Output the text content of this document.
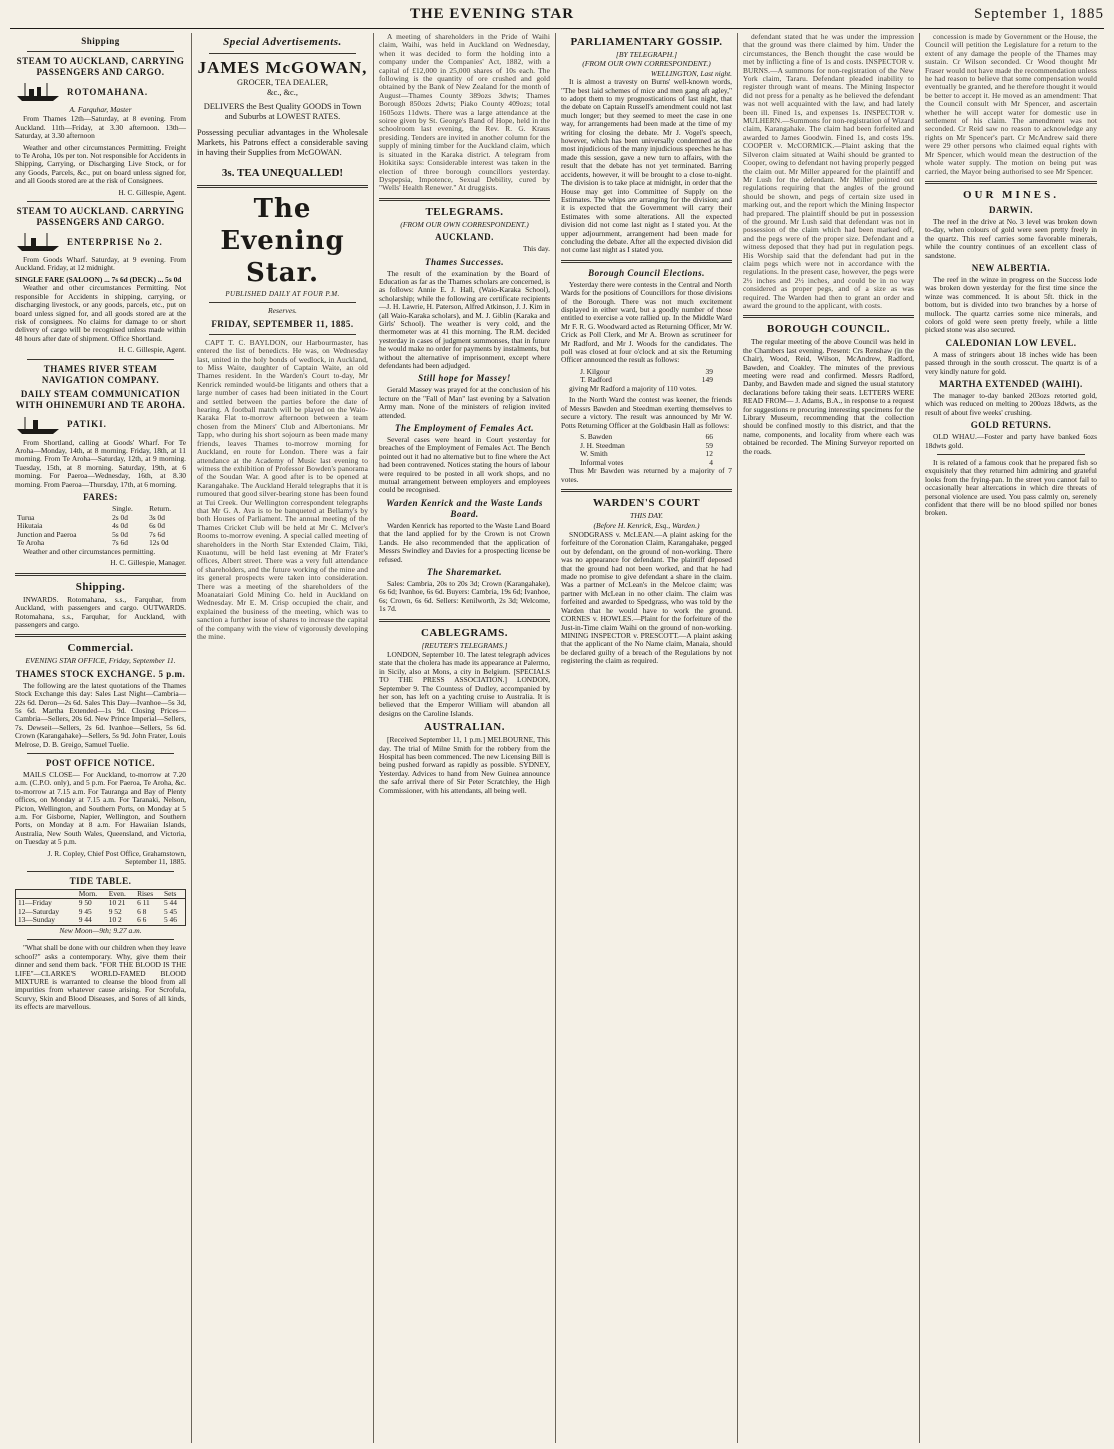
THE EVENING STAR	September 1, 1885
Shipping
STEAM TO AUCKLAND, CARRYING PASSENGERS AND CARGO.
ROTOMAHANA.
A. Farquhar, Master

From Thames 12th—Saturday, at 8 evening. From Auckland. 11th—Friday, at 3.30 afternoon. 13th—Saturday, at 3.30 afternoon

Weather and other circumstances Permitting. Freight to Te Aroha, 10s per ton. Not responsible for Accidents in Shipping, Carrying, or Discharging Live Stock, or for any Goods, Parcels, &c., put on board unless signed for, and all Goods stored are at the risk of Consignees.

H. C. Gillespie, Agent.
STEAM TO AUCKLAND. CARRYING PASSENGERS AND CARGO.
ENTERPRISE No 2.

From Goods Wharf. Saturday, at 9 evening. From Auckland. Friday, at 12 midnight.

SINGLE FARE (SALOON) ... 7s 6d (DECK) ... 5s 0d

Weather and other circumstances Permitting. Not responsible for Accidents in shipping, carrying, or discharging livestock, or any goods, parcels, etc., put on board unless signed for, and all goods stored are at the risk of consignees. No claims for damage to or short delivery of cargo will be recognised unless made within 48 hours after date of shipment. Office Shortland.

H. C. Gillespie, Agent.
THAMES RIVER STEAM NAVIGATION COMPANY.
DAILY STEAM COMMUNICATION WITH OHINEMURI AND TE AROHA.
PATIKI.

From Shortland, calling at Goods' Wharf. For Te Aroha—Monday, 14th, at 8 morning. Friday, 18th, at 11 morning. From Te Aroha—Saturday, 12th, at 9 morning. Tuesday, 15th, at 8 morning. Saturday, 19th, at 6 morning. For Paeroa—Wednesday, 16th, at 8.30 morning. From Paeroa—Thursday, 17th, at 6 morning.

FARES:
	Single.	Return.
Turua	2s 0d	3s 0d
Hikutaia	4s 0d	6s 0d
Junction and Paeroa	5s 0d	7s 6d
Te Aroha	7s 6d	12s 0d

Weather and other circumstances permitting.

H. C. Gillespie, Manager.
Shipping.

INWARDS. Rotomahana, s.s., Farquhar, from Auckland, with passengers and cargo. OUTWARDS. Rotomahana, s.s., Farquhar, for Auckland, with passengers and cargo.

Commercial.
EVENING STAR OFFICE, Friday, September 11.
THAMES STOCK EXCHANGE. 5 p.m.

The following are the latest quotations of the Thames Stock Exchange this day: Sales Last Night—Cambria—22s 6d. Deron—2s 6d. Sales This Day—Ivanhoe—5s 3d, 5s 6d. Martha Extended—1s 9d. Closing Prices—Cambria—Sellers, 20s 6d. New Prince Imperial—Sellers, 7s. Dewseit—Sellers, 2s 6d. Ivanhoe—Sellers, 5s 6d. Crown (Karangahake)—Sellers, 5s 9d. John Frater, Louis Melrose, D. B. Greigo, Samuel Tuelie.

POST OFFICE NOTICE.

MAILS CLOSE— For Auckland, to-morrow at 7.20 a.m. (C.P.O. only), and 5 p.m. For Paeroa, Te Aroha, &c. to-morrow at 7.15 a.m. For Tauranga and Bay of Plenty offices, on Monday at 7.15 a.m. For Taranaki, Nelson, Picton, Wellington, and Southern Ports, on Monday at 5 a.m. For Gisborne, Napier, Wellington, and Southern Ports, on Monday at 8 a.m. For Hawaiian Islands, Australia, New South Wales, Queensland, and Victoria, on Tuesday at 5 p.m.

J. R. Copley, Chief Post Office, Grahamstown, September 11, 1885.
TIDE TABLE.
	Morn.	Even.	Rises	Sets
11—Friday	9 50	10 21	6 11	5 44
12—Saturday	9 45	9 52	6 8	5 45
13—Sunday	9 44	10 2	6 6	5 46
New Moon—9th; 9.27 a.m.

"What shall be done with our children when they leave school?" asks a contemporary. Why, give them their dinner and send them back. "FOR THE BLOOD IS THE LIFE"—CLARKE'S WORLD-FAMED BLOOD MIXTURE is warranted to cleanse the blood from all impurities from whatever cause arising. For Scrofula, Scurvy, Skin and Blood Diseases, and Sores of all kinds, its effects are marvellous.

Special Advertisements.
JAMES McGOWAN,
GROCER, TEA DEALER,
&c., &c.,
DELIVERS the Best Quality GOODS in Town and Suburbs at LOWEST RATES.
Possessing peculiar advantages in the Wholesale Markets, his Patrons effect a considerable saving in having their Supplies from McGOWAN.
3s. TEA UNEQUALLED!
The Evening Star.
PUBLISHED DAILY AT FOUR P.M.
Reserves.
FRIDAY, SEPTEMBER 11, 1885.

CAPT T. C. BAYLDON, our Harbourmaster, has entered the list of benedicts. He was, on Wednesday last, united in the holy bonds of wedlock, in Auckland, to Miss Waite, daughter of Captain Waite, an old Thames resident. In the Warden's Court to-day, Mr Kenrick reminded would-be litigants and others that a large number of cases had been initiated in the Court and settled between the parties before the date of hearing. A football match will be played on the Waio-Karaka Flat to-morrow afternoon between a team chosen from the Miners' Club and Albertonians. Mr Tapp, who during his short sojourn as been made many friends, leaves Thames to-morrow morning for Auckland, en route for London. There was a fair attendance at the Academy of Music last evening to witness the exhibition of Professor Bowden's panorama of the Soudan War. A good after is to be opened at Karangahake. The Auckland Herald telegraphs that it is rumoured that good silver-bearing stone has been found at Tui Creek. Our Wellington correspondent telegraphs that Mr G. A. Ava is to be banqueted at Bellamy's by both Houses of Parliament. The annual meeting of the Thames Cricket Club will be held at Mr C. McIver's Rooms to-morrow evening. A special called meeting of shareholders in the North Star Extended Claim, Tiki, Kuaotunu, will be held last evening at Mr Frater's offices, Albert street. There was a very full attendance of shareholders, and the future working of the mine and its general prospects were taken into consideration. There was a meeting of the shareholders of the Moanataiari Gold Mining Co. held in Auckland on Wednesday. Mr E. M. Crisp occupied the chair, and explained the business of the meeting, which was to sanction a further issue of shares to increase the capital of the company with the view of vigorously developing the mine.

A meeting of shareholders in the Pride of Waihi claim, Waihi, was held in Auckland on Wednesday, when it was decided to form the holding into a company under the Companies' Act, 1882, with a capital of £12,000 in 25,000 shares of 10s each. The following is the quantity of ore crushed and gold obtained by the Bank of New Zealand for the month of August—Thames County 389ozs 3dwts; Thames Borough 850ozs 2dwts; Piako County 409ozs; total 1605ozs 11dwts. There was a large attendance at the soiree given by St. George's Band of Hope, held in the schoolroom last evening, the Rev. R. G. Kraus presiding. Tenders are invited in another column for the supply of mining timber for the Auckland claim, which is situated in the Karaka district. A telegram from Hokitika says: Considerable interest was taken in the election of three borough councillors yesterday. Dyspepsia, Impotence, Sexual Debility, cured by "Wells' Health Renewer." At druggists.

TELEGRAMS.
(FROM OUR OWN CORRESPONDENT.)
AUCKLAND.
This day.
Thames Successes.

The result of the examination by the Board of Education as far as the Thames scholars are concerned, is as follows: Annie E. J. Hall, (Waio-Karaka School), scholarship; while the following are certificate recipients—J. H. Lawrie, H. Paterson, Alfred Atkinson, J. J. Kim in (all Waio-Karaka scholars), and M. J. Giblin (Karaka and Girls' School). The weather is very cold, and the thermometer was at 41 this morning. The R.M. decided yesterday in cases of judgment summonses, that in future he would make no order for payments by instalments, but without the alternative of imprisonment, except where defendants had been adjudged.

Still hope for Massey!

Gerald Massey was prayed for at the conclusion of his lecture on the "Fall of Man" last evening by a Salvation Army man. None of the ministers of religion invited attended.

The Employment of Females Act.

Several cases were heard in Court yesterday for breaches of the Employment of Females Act. The Bench pointed out it had no alternative but to fine where the Act had been contravened. Notices stating the hours of labour were required to be posted in all work shops, and no mutual arrangement between employers and employees could be recognised.

Warden Kenrick and the Waste Lands Board.

Warden Kenrick has reported to the Waste Land Board that the land applied for by the Crown is not Crown Lands. He also recommended that the application of Messrs Swindley and Davies for a prospecting license be refused.

The Sharemarket.

Sales: Cambria, 20s to 20s 3d; Crown (Karangahake), 6s 6d; Ivanhoe, 6s 6d. Buyers: Cambria, 19s 6d; Ivanhoe, 6s; Crown, 6s 6d. Sellers: Kenilworth, 2s 3d; Welcome, 1s 7d.

CABLEGRAMS.
[REUTER'S TELEGRAMS.]

LONDON, September 10. The latest telegraph advices state that the cholera has made its appearance at Palermo, in Sicily, also at Mons, a city in Belgium. [SPECIALS TO THE PRESS ASSOCIATION.] LONDON, September 9. The Countess of Dudley, accompanied by her son, has left on a yachting cruise to Australia. It is believed that the Emperor William will abandon all designs on the Caroline Islands.

AUSTRALIAN.

[Received September 11, 1 p.m.] MELBOURNE, This day. The trial of Milne Smith for the robbery from the Hospital has been commenced. The new Licensing Bill is being pushed forward as rapidly as possible. SYDNEY, Yesterday. Advices to hand from New Guinea announce the safe arrival there of Sir Peter Scratchley, the High Commissioner, with his attendants, all being well.

PARLIAMENTARY GOSSIP.
[BY TELEGRAPH.]
(FROM OUR OWN CORRESPONDENT.)
WELLINGTON, Last night.

It is almost a travesty on Burns' well-known words, "The best laid schemes of mice and men gang aft agley," to adopt them to my prognostications of last night, that the debate on Captain Russell's amendment could not last much longer; but they seemed to meet the case in one way, for arrangements had been made at the time of my writing for closing the debate. Mr J. Vogel's speech, however, which has been universally condemned as the most injudicious of the many injudicious speeches he has made this session, gave a new turn to affairs, with the result that the debate has not yet terminated. Barring accidents, however, it will be brought to a close to-night. The division is to take place at midnight, in order that the House may get into Committee of Supply on the Estimates. The whips are arranging for the division; and it is expected that the Government will carry their Estimates with some alterations. All the expected division did not come last night as I stated you. At the upper adjournment, arrangement had been made for concluding the debate. After all the expected division did not come last night as I stated you.

Borough Council Elections.

Yesterday there were contests in the Central and North Wards for the positions of Councillors for those divisions of the Borough. There was not much excitement displayed in either ward, but a goodly number of those entitled to exercise a vote rallied up. In the Middle Ward Mr F. R. G. Woodward acted as Returning Officer, Mr W. Crick as Poll Clerk, and Mr A. Brown as scrutineer for Mr Radford, and Mr J. Woods for the candidates. The poll was closed at four o'clock and at six the Returning Officer announced the result as follows:

J. Kilgour	39
T. Radford	149

giving Mr Radford a majority of 110 votes.

In the North Ward the contest was keener, the friends of Messrs Bawden and Steedman exerting themselves to secure a victory. The result was announced by Mr W. Potts Returning Officer at the Goldbasin Hall as follows:

S. Bawden	66
J. H. Steedman	59
W. Smith	12
Informal votes	4

Thus Mr Bawden was returned by a majority of 7 votes.

WARDEN'S COURT
THIS DAY.
(Before H. Kenrick, Esq., Warden.)

SNODGRASS v. McLEAN.—A plaint asking for the forfeiture of the Coronation Claim, Karangahake, pegged out by defendant, on the ground of non-working. There was no appearance for defendant. The plaintiff deposed that the ground had not been worked, and that he had made no promise to give defendant a share in the claim. Was a partner of McLean's in the Melcoe claim; was partner with McLean in no other claim. The claim was forfeited and awarded to Spedgrass, who was told by the Warden that he would have to work the ground. CORNES v. HOWLES.—Plaint for the forfeiture of the Just-in-Time claim Waihi on the ground of non-working. MINING INSPECTOR v. PRESCOTT.—A plaint asking that the applicant of the No Name claim, Manaia, should be declared guilty of a breach of the Regulations by not registering the claim as required.

defendant stated that he was under the impression that the ground was there claimed by him. Under the circumstances, the Bench thought the case would be met by inflicting a fine of 1s and costs. INSPECTOR v. BURNS.—A summons for non-registration of the New York claim, Tararu. Defendant pleaded inability to register through want of means. The Mining Inspector did not press for a penalty as he believed the defendant was not well acquainted with the law, and had lately been ill. Fined 1s, and expenses 1s. INSPECTOR v. MULHERN.—Summons for non-registration of Wizard claim, Karangahake. The claim had been forfeited and awarded to James Goodwin. Fined 1s, and costs 19s. COOPER v. McCORMICK.—Plaint asking that the Silveron claim situated at Waihi should be granted to Cooper, owing to defendant not having properly pegged the claim out. Mr Miller appeared for the plaintiff and Mr Lush for the defendant. Mr Miller pointed out regulations requiring that the angles of the ground should be shown, and pegs of certain size used in marking out, and the report which the Mining Inspector had prepared. The plaintiff should be put in possession of the ground. Mr Lush said that defendant was not in possession of the claim which had been marked off, and the pegs were of the proper size. Defendant and a witness deposed that they had put in regulation pegs. His Worship said that the defendant had put in the claim pegs which were not in accordance with the regulations. In the present case, however, the pegs were 2½ inches and 2½ inches, and could be in no way considered as proper pegs, and of a size as was required. The Warden had then to grant an order and award the ground to the applicant, with costs.

BOROUGH COUNCIL.

The regular meeting of the above Council was held in the Chambers last evening. Present: Crs Renshaw (in the Chair), Wood, Reid, Wilson, McAndrew, Radford, Bawden, and Coakley. The minutes of the previous meeting were read and confirmed. Messrs Radford, Danby, and Bawden made and signed the usual statutory declarations before taking their seats. LETTERS WERE READ FROM— J. Adams, B.A., in response to a request for suggestions re procuring interesting specimens for the Library Museum, recommending that the collection should be confined mostly to this district, and that the name, components, and locality from where each was obtained be recorded. The Mining Surveyor reported on the roads.

concession is made by Government or the House, the Council will petition the Legislature for a return to the extent of any damage the people of the Thames may sustain. Cr Wilson seconded. Cr Wood thought Mr Fraser would not have made the recommendation unless he had reason to believe that some compensation would eventually be granted, and he therefore thought it would be better to accept it. He moved as an amendment: That the Council consult with Mr Spencer, and ascertain whether he will accept water for domestic use in settlement of his claim. The amendment was not seconded. Cr Reid saw no reason to acknowledge any rights on Mr Spencer's part. Cr McAndrew said there were 29 other persons who claimed equal rights with Mr Spencer, which would mean the destruction of the whole water supply. The motion on being put was carried, the Mayor being authorised to see Mr Spencer.

OUR MINES.
DARWIN.

The reef in the drive at No. 3 level was broken down to-day, when colours of gold were seen pretty freely in the quartz. This reef carries some favorable minerals, while the country continues of an excellent class of sandstone.

NEW ALBERTIA.

The reef in the winze in progress on the Success lode was broken down yesterday for the first time since the winze was commenced. It is about 5ft. thick in the bottom, but is divided into two branches by a horse of mullock. The quartz carries some nice minerals, and colors of gold were seen pretty freely, while a little picked stone was also secured.

CALEDONIAN LOW LEVEL.

A mass of stringers about 18 inches wide has been passed through in the south crosscut. The quartz is of a very kindly nature for gold.

MARTHA EXTENDED (WAIHI).

The manager to-day banked 203ozs retorted gold, which was reduced on melting to 200ozs 18dwts, as the result of about five weeks' crushing.

GOLD RETURNS.

OLD WHAU.—Foster and party have banked 6ozs 18dwts gold.

It is related of a famous cook that he prepared fish so exquisitely that they returned him admiring and grateful looks from the frying-pan. In the street you cannot fail to occasionally hear altercations in which dire threats of personal violence are used. You pass calmly on, serenely confident that there will be no blood spilled nor bones broken.
